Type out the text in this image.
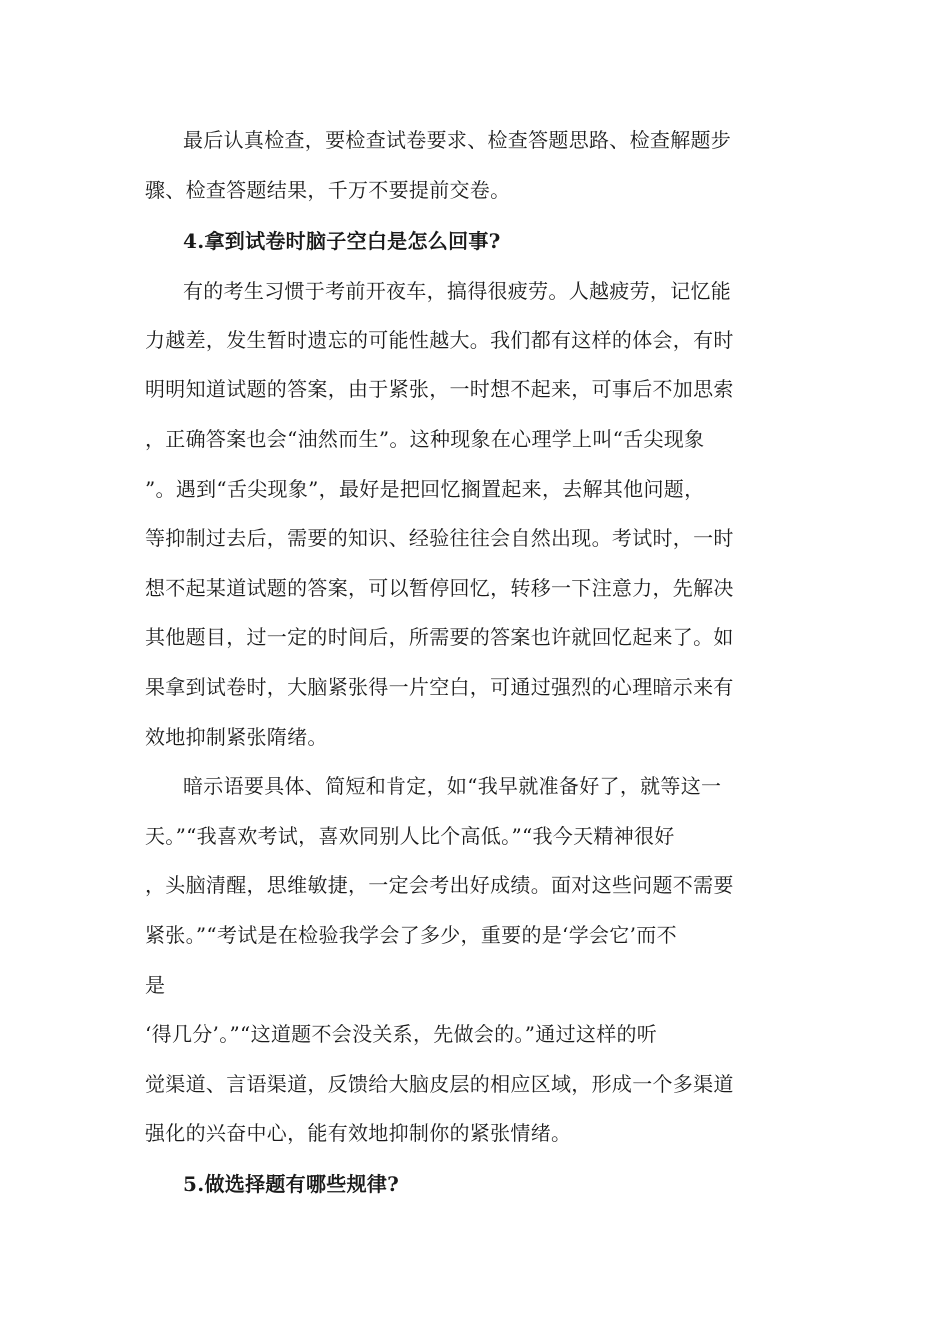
最后认真检查，要检查试卷要求、检查答题思路、检查解题步
骤、检查答题结果，千万不要提前交卷。
4.拿到试卷时脑子空白是怎么回事?
有的考生习惯于考前开夜车，搞得很疲劳。人越疲劳，记忆能
力越差，发生暂时遗忘的可能性越大。我们都有这样的体会，有时
明明知道试题的答案，由于紧张，一时想不起来，可事后不加思索
，正确答案也会“油然而生”。这种现象在心理学上叫“舌尖现象
”。遇到“舌尖现象”，最好是把回忆搁置起来，去解其他问题，
等抑制过去后，需要的知识、经验往往会自然出现。考试时，一时
想不起某道试题的答案，可以暂停回忆，转移一下注意力，先解决
其他题目，过一定的时间后，所需要的答案也许就回忆起来了。如
果拿到试卷时，大脑紧张得一片空白，可通过强烈的心理暗示来有
效地抑制紧张隋绪。
暗示语要具体、简短和肯定，如“我早就准备好了，就等这一
天。”“我喜欢考试，喜欢同别人比个高低。”“我今天精神很好
，头脑清醒，思维敏捷，一定会考出好成绩。面对这些问题不需要
紧张。”“考试是在检验我学会了多少，重要的是‘学会它’而不
是
‘得几分’。”“这道题不会没关系，先做会的。”通过这样的听
觉渠道、言语渠道，反馈给大脑皮层的相应区域，形成一个多渠道
强化的兴奋中心，能有效地抑制你的紧张情绪。
5.做选择题有哪些规律?
